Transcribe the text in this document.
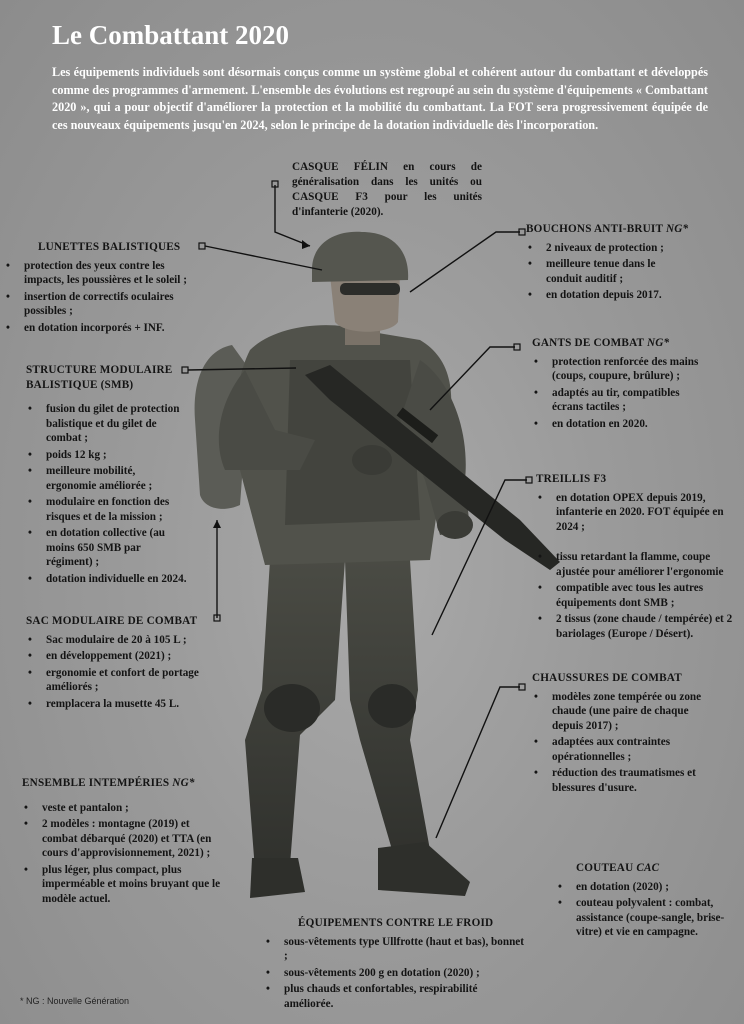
Le Combattant 2020
Les équipements individuels sont désormais conçus comme un système global et cohérent autour du combattant et développés comme des programmes d'armement. L'ensemble des évolutions est regroupé au sein du système d'équipements « Combattant 2020 », qui a pour objectif d'améliorer la protection et la mobilité du combattant. La FOT sera progressivement équipée de ces nouveaux équipements jusqu'en 2024, selon le principe de la dotation individuelle dès l'incorporation.
CASQUE FÉLIN en cours de généralisation dans les unités ou CASQUE F3 pour les unités d'infanterie (2020).
LUNETTES BALISTIQUES
• protection des yeux contre les impacts, les poussières et le soleil ;
• insertion de correctifs oculaires possibles ;
• en dotation incorporés + INF.
BOUCHONS ANTI-BRUIT NG*
• 2 niveaux de protection ;
• meilleure tenue dans le conduit auditif ;
• en dotation depuis 2017.
STRUCTURE MODULAIRE BALISTIQUE (SMB)
• fusion du gilet de protection balistique et du gilet de combat ;
• poids 12 kg ;
• meilleure mobilité, ergonomie améliorée ;
• modulaire en fonction des risques et de la mission ;
• en dotation collective (au moins 650 SMB par régiment) ;
• dotation individuelle en 2024.
GANTS DE COMBAT NG*
• protection renforcée des mains (coups, coupure, brûlure) ;
• adaptés au tir, compatibles écrans tactiles ;
• en dotation en 2020.
TREILLIS F3
• en dotation OPEX depuis 2019, infanterie en 2020. FOT équipée en 2024 ;
• tissu retardant la flamme, coupe ajustée pour améliorer l'ergonomie
• compatible avec tous les autres équipements dont SMB ;
• 2 tissus (zone chaude / tempérée) et 2 bariolages (Europe / Désert).
SAC MODULAIRE DE COMBAT
• Sac modulaire de 20 à 105 L ;
• en développement (2021) ;
• ergonomie et confort de portage améliorés ;
• remplacera la musette 45 L.
CHAUSSURES DE COMBAT
• modèles zone tempérée ou zone chaude (une paire de chaque depuis 2017) ;
• adaptées aux contraintes opérationnelles ;
• réduction des traumatismes et blessures d'usure.
ENSEMBLE INTEMPÉRIES NG*
• veste et pantalon ;
• 2 modèles : montagne (2019) et combat débarqué (2020) et TTA (en cours d'approvisionnement, 2021) ;
• plus léger, plus compact, plus imperméable et moins bruyant que le modèle actuel.
COUTEAU CAC
• en dotation (2020) ;
• couteau polyvalent : combat, assistance (coupe-sangle, brise-vitre) et vie en campagne.
ÉQUIPEMENTS CONTRE LE FROID
• sous-vêtements type Ullfrotte (haut et bas), bonnet ;
• sous-vêtements 200 g en dotation (2020) ;
• plus chauds et confortables, respirabilité améliorée.
* NG : Nouvelle Génération
